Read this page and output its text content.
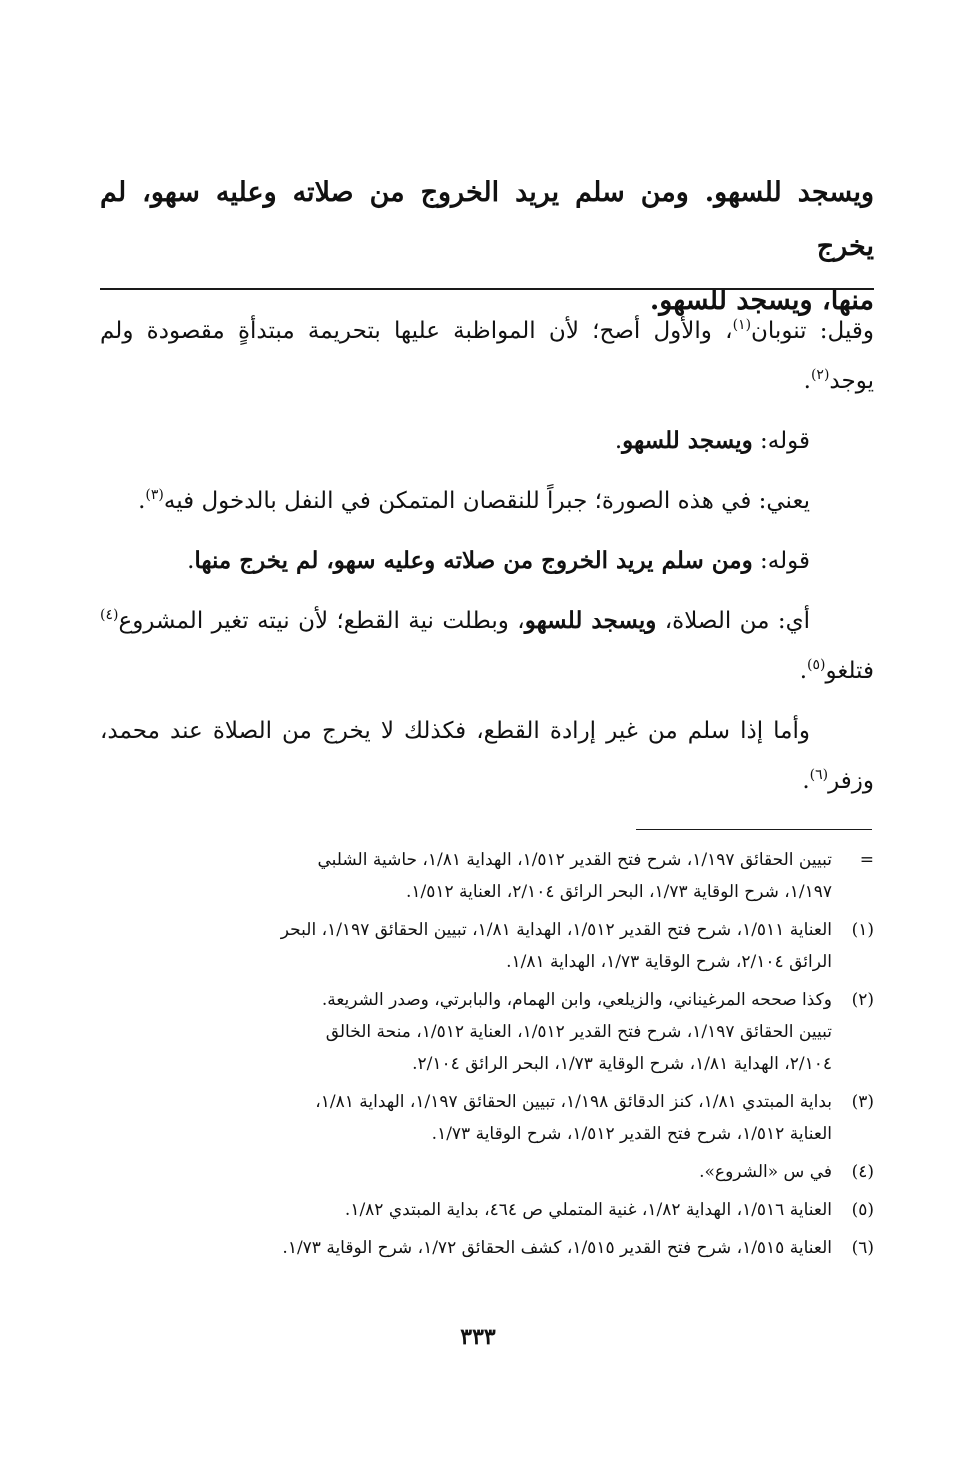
ويسجد للسهو. ومن سلم يريد الخروج من صلاته وعليه سهو، لم يخرج
منها، ويسجد للسهو.

وقيل: تنوبان$^{(١)}$، والأول أصح؛ لأن المواظبة عليها بتحريمة مبتدأةٍ مقصودة ولم يوجد$^{(٢)}$.

قوله: ويسجد للسهو.

يعني: في هذه الصورة؛ جبراً للنقصان المتمكن في النفل بالدخول فيه$^{(٣)}$.

قوله: ومن سلم يريد الخروج من صلاته وعليه سهو، لم يخرج منها.

أي: من الصلاة، ويسجد للسهو، وبطلت نية القطع؛ لأن نيته تغير المشروع$^{(٤)}$ فتلغو$^{(٥)}$.

وأما إذا سلم من غير إرادة القطع، فكذلك لا يخرج من الصلاة عند محمد، وزفر$^{(٦)}$.

=
تبيين الحقائق ١/١٩٧، شرح فتح القدير ١/٥١٢، الهداية ١/٨١، حاشية الشلبي
١/١٩٧، شرح الوقاية ١/٧٣، البحر الرائق ٢/١٠٤، العناية ١/٥١٢.
(١)
العناية ١/٥١١، شرح فتح القدير ١/٥١٢، الهداية ١/٨١، تبيين الحقائق ١/١٩٧، البحر
الرائق ٢/١٠٤، شرح الوقاية ١/٧٣، الهداية ١/٨١.
(٢)
وكذا صححه المرغيناني، والزيلعي، وابن الهمام، والبابرتي، وصدر الشريعة.
تبيين الحقائق ١/١٩٧، شرح فتح القدير ١/٥١٢، العناية ١/٥١٢، منحة الخالق
٢/١٠٤، الهداية ١/٨١، شرح الوقاية ١/٧٣، البحر الرائق ٢/١٠٤.
(٣)
بداية المبتدي ١/٨١، كنز الدقائق ١/١٩٨، تبيين الحقائق ١/١٩٧، الهداية ١/٨١،
العناية ١/٥١٢، شرح فتح القدير ١/٥١٢، شرح الوقاية ١/٧٣.
(٤)
في س «الشروع».
(٥)
العناية ١/٥١٦، الهداية ١/٨٢، غنية المتملي ص ٤٦٤، بداية المبتدي ١/٨٢.
(٦)
العناية ١/٥١٥، شرح فتح القدير ١/٥١٥، كشف الحقائق ١/٧٢، شرح الوقاية ١/٧٣.
٣٣٣
